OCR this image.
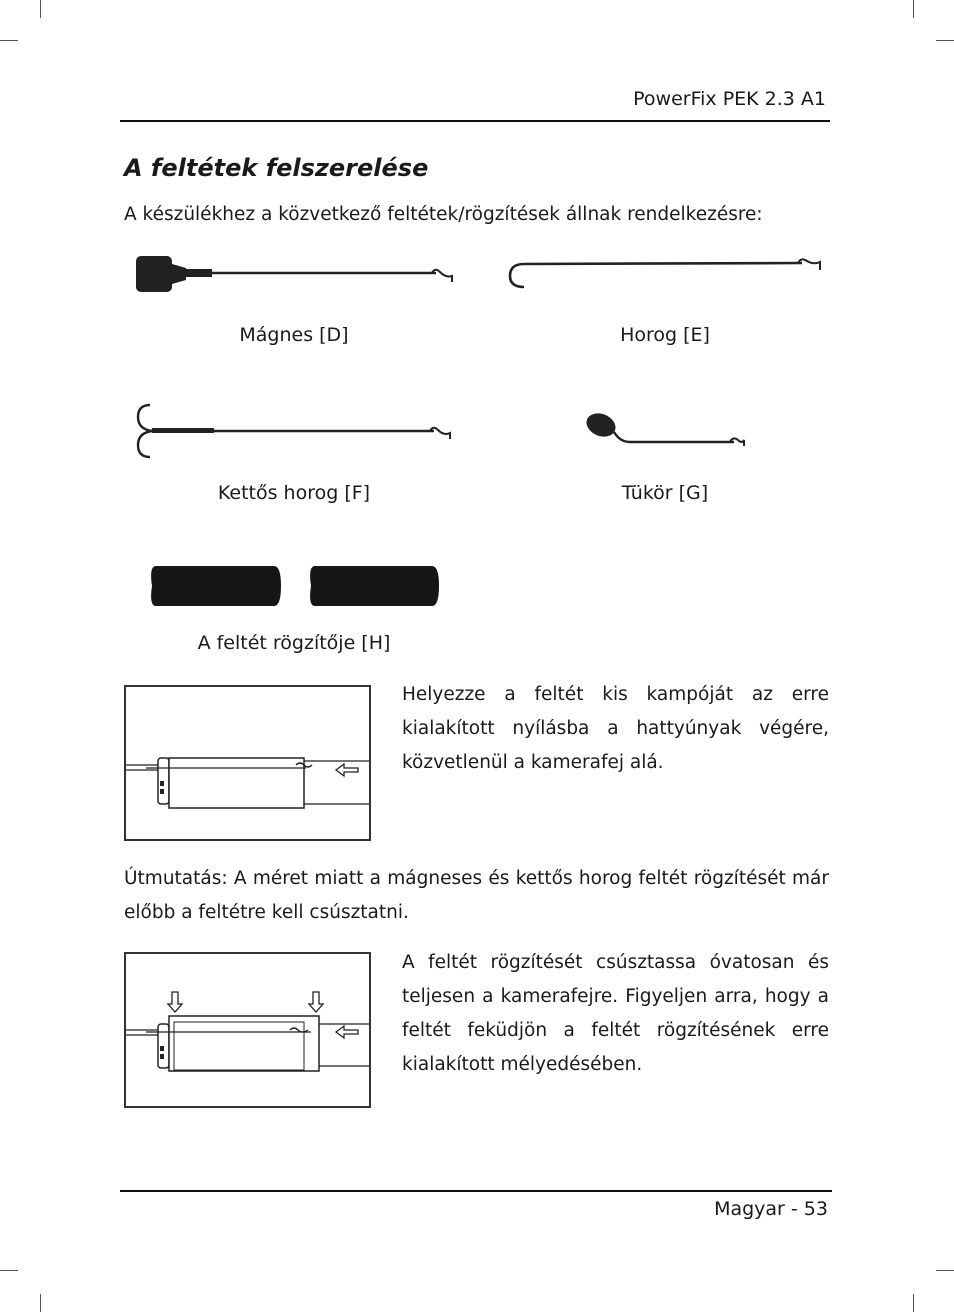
PowerFix PEK 2.3 A1
A feltétek felszerelése
A készülékhez a közvetkező feltétek/rögzítések állnak rendelkezésre:
Mágnes [D]	Horog [E]
Kettős horog [F]	Tükör [G]
A feltét rögzítője [H]
Helyezze a feltét kis kampóját az erre kialakított nyílásba a hattyúnyak végére, közvetlenül a kamerafej alá.
Útmutatás: A méret miatt a mágneses és kettős horog feltét rögzítését már előbb a feltétre kell csúsztatni.
A feltét rögzítését csúsztassa óvatosan és teljesen a kamerafejre. Figyeljen arra, hogy a feltét feküdjön a feltét rögzítésének erre kialakított mélyedésében.
Magyar - 53
